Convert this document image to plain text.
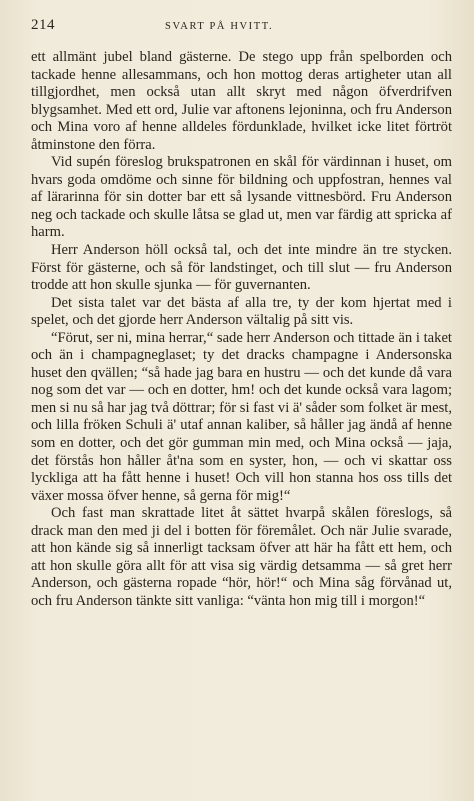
214	SVART PÅ HVITT.

ett allmänt jubel bland gästerne. De stego upp från spelborden och tackade henne allesammans, och hon mottog deras artigheter utan all tillgjordhet, men också utan allt skryt med någon öfverdrifven blygsamhet. Med ett ord, Julie var aftonens lejoninna, och fru Anderson och Mina voro af henne alldeles fördunklade, hvilket icke litet förtröt åtminstone den förra.

Vid supén föreslog brukspatronen en skål för värdinnan i huset, om hvars goda omdöme och sinne för bildning och uppfostran, hennes val af lärarinna för sin dotter bar ett så lysande vittnesbörd. Fru Anderson neg och tackade och skulle låtsa se glad ut, men var färdig att spricka af harm.

Herr Anderson höll också tal, och det inte mindre än tre stycken. Först för gästerne, och så för landstinget, och till slut — fru Anderson trodde att hon skulle sjunka — för guvernanten.

Det sista talet var det bästa af alla tre, ty der kom hjertat med i spelet, och det gjorde herr Anderson vältalig på sitt vis.

“Förut, ser ni, mina herrar,“ sade herr Anderson och tittade än i taket och än i champagneglaset; ty det dracks champagne i Andersonska huset den qvällen; “så hade jag bara en hustru — och det kunde då vara nog som det var — och en dotter, hm! och det kunde också vara lagom; men si nu så har jag två döttrar; för si fast vi ä' såder som folket är mest, och lilla fröken Schuli ä' utaf annan kaliber, så håller jag ändå af henne som en dotter, och det gör gumman min med, och Mina också — jaja, det förstås hon håller åt'na som en syster, hon, — och vi skattar oss lyckliga att ha fått henne i huset! Och vill hon stanna hos oss tills det växer mossa öfver henne, så gerna för mig!“

Och fast man skrattade litet åt sättet hvarpå skålen föreslogs, så drack man den med ji del i botten för föremålet. Och när Julie svarade, att hon kände sig så innerligt tacksam öfver att här ha fått ett hem, och att hon skulle göra allt för att visa sig värdig detsamma — så gret herr Anderson, och gästerna ropade “hör, hör!“ och Mina såg förvånad ut, och fru Anderson tänkte sitt vanliga: “vänta hon mig till i morgon!“
